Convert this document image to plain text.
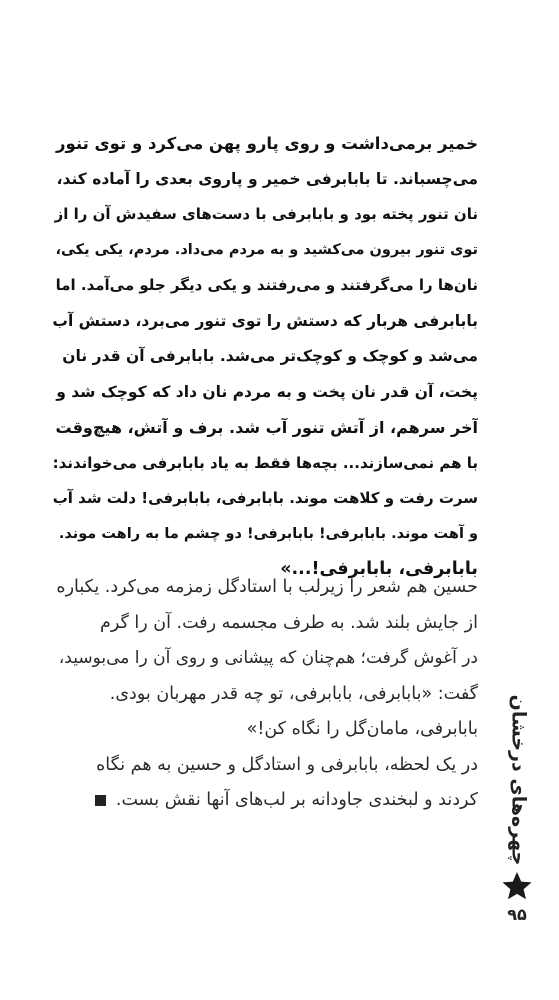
خمیر برمی‌داشت و روی پارو پهن می‌کرد و توی تنور
می‌چسباند. تا بابابرفی خمیر و پاروی بعدی را آماده کند،
نان تنور پخته بود و بابابرفی با دست‌های سفیدش آن را از
توی تنور بیرون می‌کشید و به مردم می‌داد. مردم، یکی یکی،
نان‌ها را می‌گرفتند و می‌رفتند و یکی دیگر جلو می‌آمد. اما
بابابرفی هربار که دستش را توی تنور می‌برد، دستش آب
می‌شد و کوچک و کوچک‌تر می‌شد. بابابرفی آن قدر نان
پخت، آن قدر نان پخت و به مردم نان داد که کوچک شد و
آخر سرهم، از آتش تنور آب شد. برف و آتش، هیچ‌وقت
با هم نمی‌سازند... بچه‌ها فقط به یاد بابابرفی می‌خواندند:
سرت رفت و کلاهت موند. بابابرفی، بابابرفی! دلت شد آب
و آهت موند. بابابرفی! بابابرفی! دو چشم ما به راهت موند.
بابابرفی، بابابرفی!...»
حسین هم شعر را زیرلب با استادگل زمزمه می‌کرد. یکباره
از جایش بلند شد. به طرف مجسمه رفت. آن را گرم
در آغوش گرفت؛ هم‌چنان که پیشانی و روی آن را می‌بوسید،
گفت: «بابابرفی، بابابرفی، تو چه قدر مهربان بودی.
بابابرفی، مامان‌گل را نگاه کن!»
در یک لحظه، بابابرفی و استادگل و حسین به هم نگاه
کردند و لبخندی جاودانه بر لب‌های آنها نقش بست. چهره‌های درخشان
۹۵
